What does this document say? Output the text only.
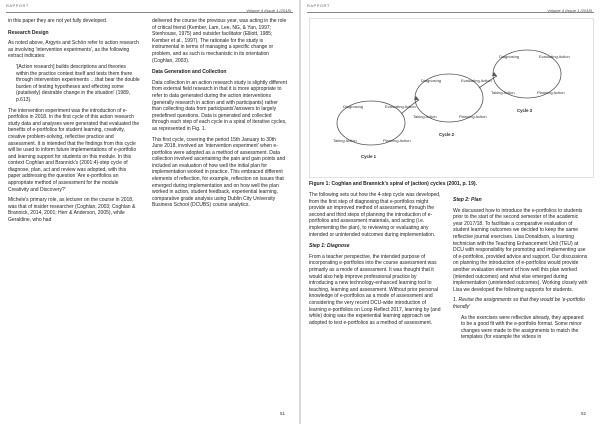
RAPPORT
Volume 4 (Issue 1 (2018)

in this paper they are not yet fully developed.

Research Design

As noted above, Argyris and Schön refer to action research as involving 'intervention experiments', as the following extract indicates:

'[Action research] builds descriptions and theories within the practice context itself and tests them there through intervention experiments …that bear the double burden of testing hypotheses and effecting some (putatively) desirable change in the situation' (1989, p.613).

The intervention experiment was the introduction of e-portfolios in 2018. In the first cycle of this action research study data and analyses were generated that evaluated the benefits of e-portfolios for student learning, creativity, creative problem-solving, reflective practice and assessment. It is intended that the findings from this cycle will be used to inform future implementations of e-portfolio and learning support for students on this module. In this context Coghlan and Brannick's (2001:4)-step cycle of diagnose, plan, act and review was adopted, with this paper addressing the question 'Are e-portfolios an appropriate method of assessment for the module Creativity and Discovery?'

Michele's primary role, as lecturer on the course in 2018, was that of insider researcher (Coghlan, 2003; Coghlan & Brannick, 2014, 2001; Herr & Anderson, 2005), while Geraldine, who had

delivered the course the previous year, was acting in the role of critical friend (Kember, Lam, Lee, NG, & Yan, 1997; Stenhouse, 1975) and outsider facilitator (Elliott, 1985; Kember et al., 1997). The rationale for the study is instrumental in terms of managing a specific change or problem, and as such is mechanistic in its orientation (Coghlan, 2003).

Data Generation and Collection

Data collection in an action research study is slightly different from external field research in that it is more appropriate to refer to data generated during the action interventions (generally research in action and with participants) rather than collecting data from participants'/answers to largely predefined questions. Data is generated and collected through each step of each cycle in a spiral of iterative cycles, as represented in Fig. 1.

This first cycle, covering the period 15th January to 30th June 2018, involved an 'intervention experiment' when e-portfolios were adopted as a method of assessment. Data collection involved ascertaining the pain and gain points and included an evaluation of how well the initial plan for implementation worked in practice. This embraced different elements of reflection, for example, reflection on issues that emerged during implementation and on how well the plan worked in action, student feedback, experiential learning, comparative grade analysis using Dublin City University Business School (DCUBS) course analytics.

51
RAPPORT
Volume 4 (Issue 1 (2018)
Diagnosing	Evaluating Action
Taking Action	Planning Action
Cycle 1
Diagnosing	Evaluating Action
Taking Action	Planning Action
Cycle 2
Diagnosing	Evaluating Action
Taking Action	Planning Action
Cycle 3
Figure 1: Coghlan and Brannick's spiral of (action) cycles (2001, p. 19).

The following sets out how the 4-step cycle was developed, from the first step of diagnosing that e-portfolios might provide an improved method of assessment, through the second and third steps of planning the introduction of e-portfolios and assessment materials, and acting (i.e. implementing the plan), to reviewing or evaluating any intended or unintended outcomes during implementation.

Step 1: Diagnose

From a teacher perspective, the intended purpose of incorporating e-portfolios into the course assessment was primarily as a mode of assessment. It was thought that it would also help improve professional practice by introducing a new technology-enhanced learning tool to teaching, learning and assessment. Without prior personal knowledge of e-portfolios as a mode of assessment and considering the very recent DCU-wide introduction of learning e-portfolios on Loop Reflect 2017, learning by (and while) doing was the experiential learning approach we adopted to test e-portfolios as a method of assessment.

Step 2: Plan

We discussed how to introduce the e-portfolios to students prior to the start of the second semester of the academic year 2017/18. To facilitate a comparative evaluation of student learning outcomes we decided to keep the same reflective journal exercises. Lisa Donaldson, a learning technician with the Teaching Enhancement Unit (TEU) at DCU with responsibility for promoting and implementing use of e-portfolios, provided advice and support. Our discussions on planning the introduction of e-portfolios would provide another evaluation element of how well this plan worked (intended outcomes) and what else emerged during implementation (unintended outcomes). Working closely with Lisa we developed the following supports for students.

1. Revise the assignments so that they would be 'e-portfolio friendly'

As the exercises were reflective already, they appeared to be a good fit with the e-portfolio format. Some minor changes were made to the assignments to match the templates (for example the videos in

52
